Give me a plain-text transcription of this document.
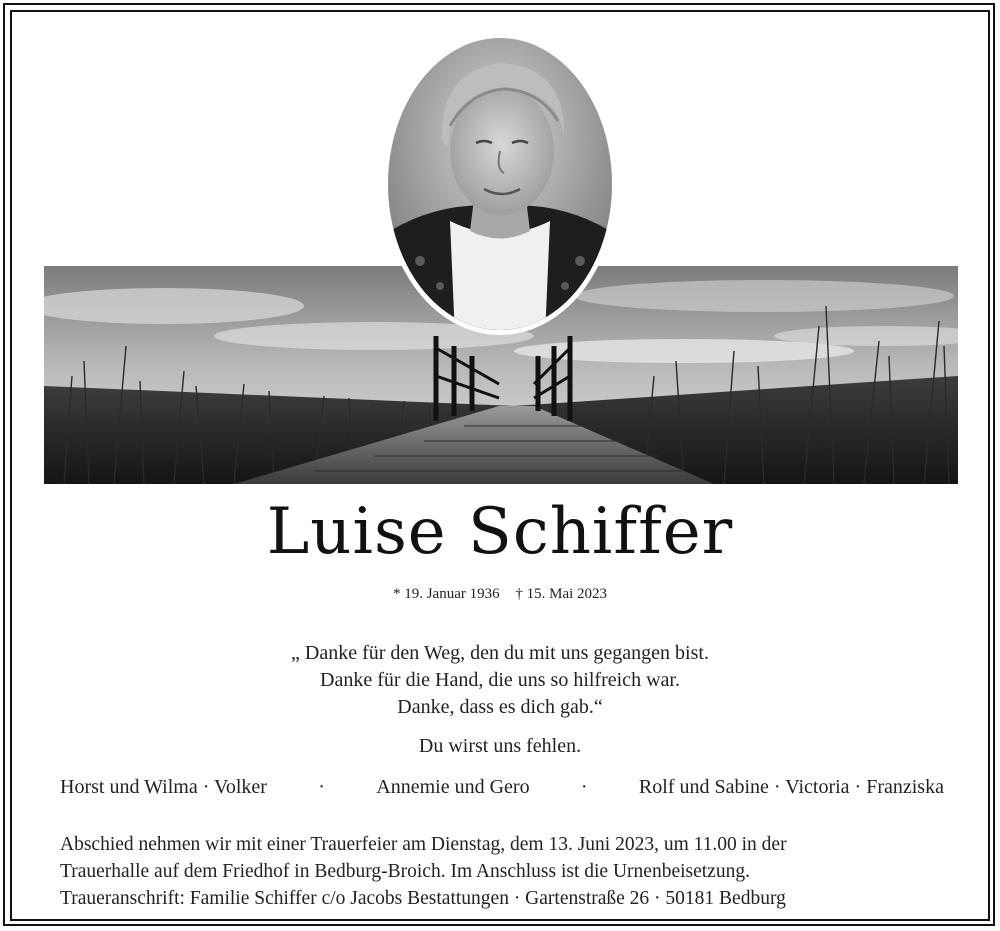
Luise Schiffer
* 19. Januar 1936 † 15. Mai 2023
„ Danke für den Weg, den du mit uns gegangen bist.
Danke für die Hand, die uns so hilfreich war.
Danke, dass es dich gab.“
Du wirst uns fehlen.
Horst und Wilma · Volker	·	Annemie und Gero	·	Rolf und Sabine · Victoria · Franziska
Abschied nehmen wir mit einer Trauerfeier am Dienstag, dem 13. Juni 2023, um 11.00 in der
Trauerhalle auf dem Friedhof in Bedburg-Broich. Im Anschluss ist die Urnenbeisetzung.
Traueranschrift: Familie Schiffer c/o Jacobs Bestattungen · Gartenstraße 26 · 50181 Bedburg
